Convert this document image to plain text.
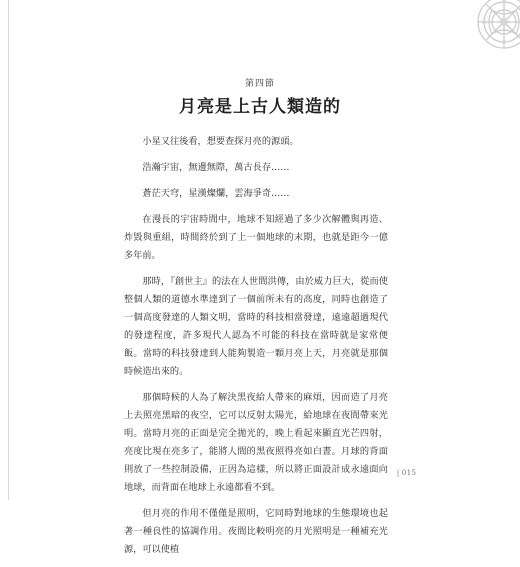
第四節
月亮是上古人類造的

小星又往後看，想要查探月亮的源頭。

浩瀚宇宙，無邊無際，萬古長存……

蒼茫天穹，星漢燦爛，雲海爭奇……

在漫長的宇宙時間中，地球不知經過了多少次解體與再造、炸毀與重組，時間終於到了上一個地球的末期，也就是距今一億多年前。

那時，『創世主』的法在人世間洪傳，由於威力巨大，從而使整個人類的道德水準達到了一個前所未有的高度，同時也創造了一個高度發達的人類文明，當時的科技相當發達，遠遠超過現代的發達程度，許多現代人認為不可能的科技在當時就是家常便飯。當時的科技發達到人能夠製造一顆月亮上天，月亮就是那個時候造出來的。

那個時候的人為了解決黑夜給人帶來的麻煩，因而造了月亮上去照亮黑暗的夜空，它可以反射太陽光，給地球在夜間帶來光明。當時月亮的正面是完全拋光的，晚上看起來顯直光芒四射，亮度比現在亮多了，能將人間的黑夜照得亮如白晝。月球的背面則放了一些控制設備，正因為這樣，所以將正面設計成永遠面向地球，而背面在地球上永遠都看不到。

但月亮的作用不僅僅是照明，它同時對地球的生態環境也起著一種良性的協調作用。夜間比較明亮的月光照明是一種補充光源，可以使植

| 015
